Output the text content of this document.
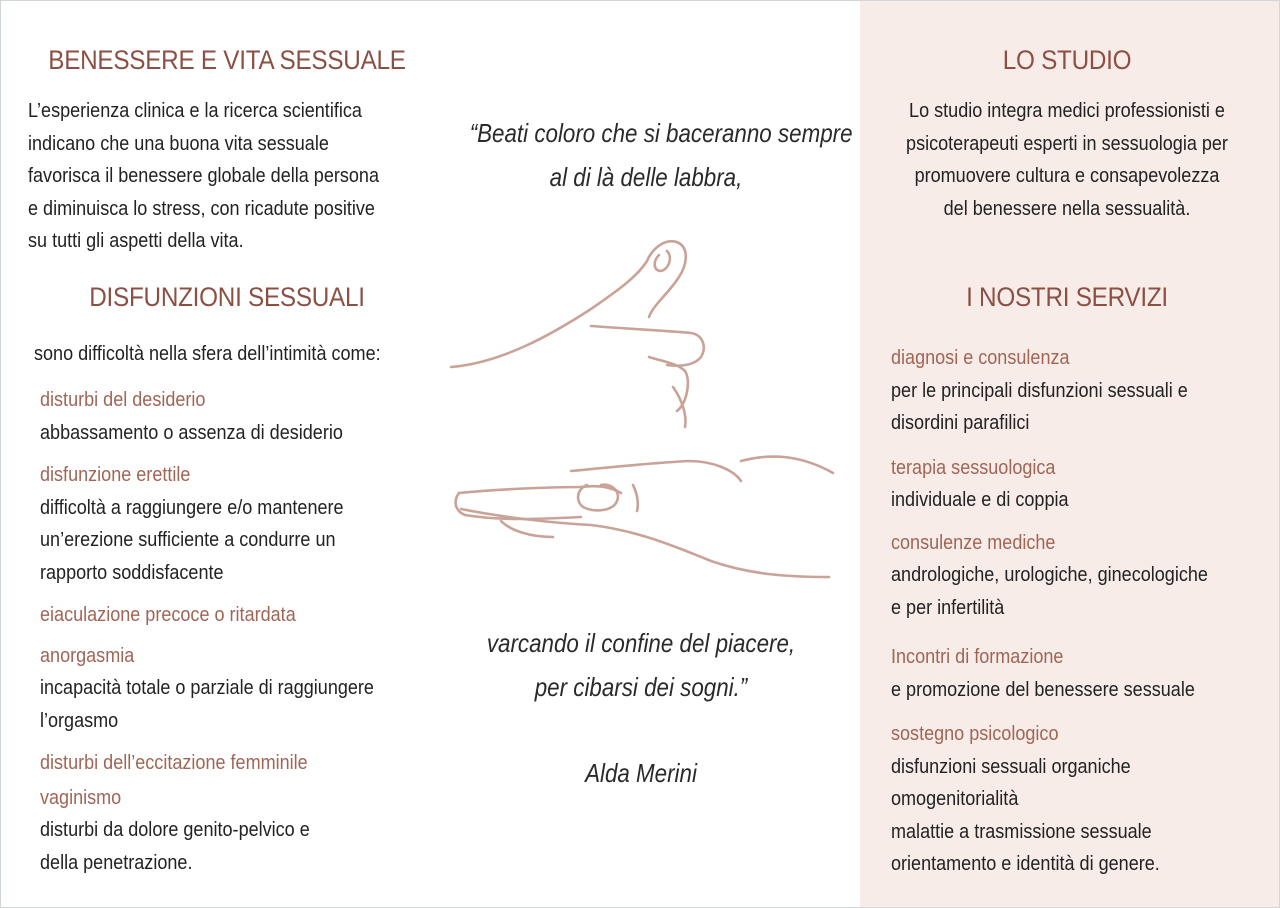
BENESSERE E VITA SESSUALE
L’esperienza clinica e la ricerca scientifica
indicano che una buona vita sessuale
favorisca il benessere globale della persona
e diminuisca lo stress, con ricadute positive
su tutti gli aspetti della vita.
DISFUNZIONI SESSUALI
sono difficoltà nella sfera dell’intimità come:
disturbi del desiderio
abbassamento o assenza di desiderio
disfunzione erettile
difficoltà a raggiungere e/o mantenere
un’erezione sufficiente a condurre un
rapporto soddisfacente
eiaculazione precoce o ritardata
anorgasmia
incapacità totale o parziale di raggiungere
l’orgasmo
disturbi dell’eccitazione femminile
vaginismo
disturbi da dolore genito-pelvico e
della penetrazione.
“Beati coloro che si baceranno sempre
al di là delle labbra,
varcando il confine del piacere,
per cibarsi dei sogni.”
Alda Merini
LO STUDIO
Lo studio integra medici professionisti e
psicoterapeuti esperti in sessuologia per
promuovere cultura e consapevolezza
del benessere nella sessualità.
I NOSTRI SERVIZI
diagnosi e consulenza
per le principali disfunzioni sessuali e
disordini parafilici
terapia sessuologica
individuale e di coppia
consulenze mediche
andrologiche, urologiche, ginecologiche
e per infertilità
Incontri di formazione
e promozione del benessere sessuale
sostegno psicologico
disfunzioni sessuali organiche
omogenitorialità
malattie a trasmissione sessuale
orientamento e identità di genere.
